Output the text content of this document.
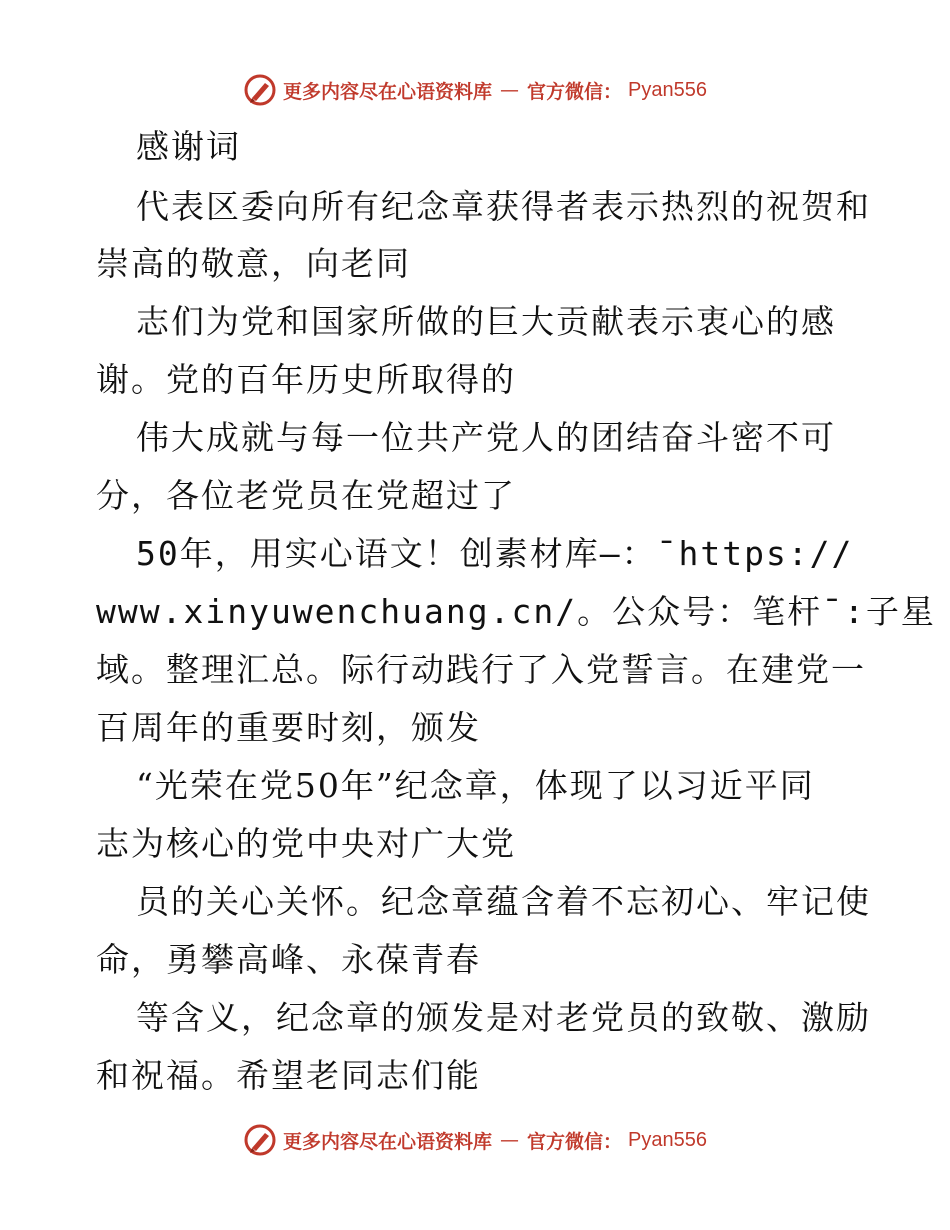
更多内容尽在心语资料库 — 官方微信： Pyan556
感谢词
代表区委向所有纪念章获得者表示热烈的祝贺和
崇高的敬意，向老同
志们为党和国家所做的巨大贡献表示衷心的感
谢。党的百年历史所取得的
伟大成就与每一位共产党人的团结奋斗密不可
分，各位老党员在党超过了
50年，用实心语文！创素材库—：¯https://
www.xinyuwenchuang.cn/。公众号：笔杆¯:子星
域。整理汇总。际行动践行了入党誓言。在建党一
百周年的重要时刻，颁发
“光荣在党50年”纪念章，体现了以习近平同
志为核心的党中央对广大党
员的关心关怀。纪念章蕴含着不忘初心、牢记使
命，勇攀高峰、永葆青春
等含义，纪念章的颁发是对老党员的致敬、激励
和祝福。希望老同志们能
更多内容尽在心语资料库 — 官方微信： Pyan556
